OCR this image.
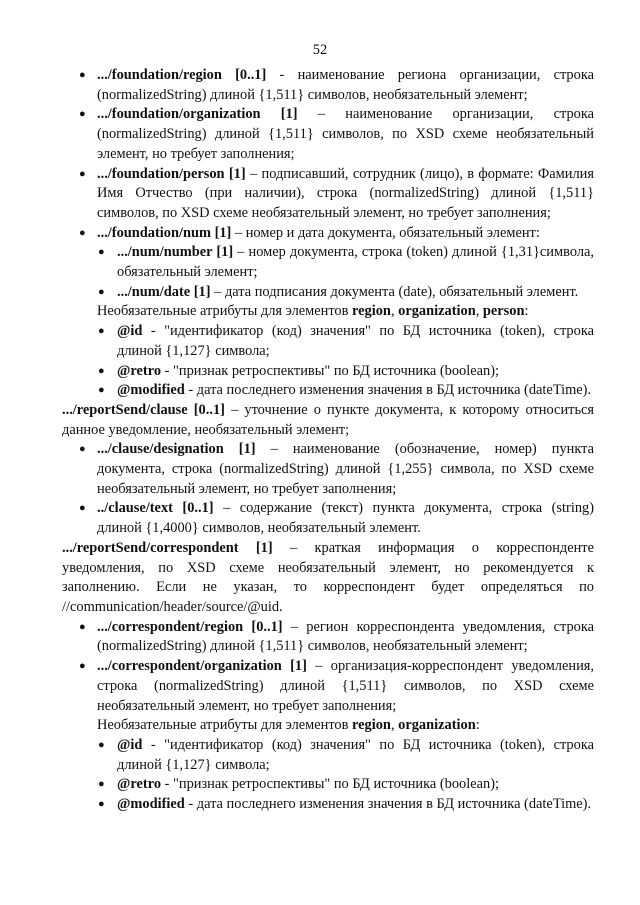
52
● .../foundation/region [0..1] - наименование региона организации, строка (normalizedString) длиной {1,511} символов, необязательный элемент;
● .../foundation/organization [1] – наименование организации, строка (normalizedString) длиной {1,511} символов, по XSD схеме необязательный элемент, но требует заполнения;
● .../foundation/person [1] – подписавший, сотрудник (лицо), в формате: Фамилия Имя Отчество (при наличии), строка (normalizedString) длиной {1,511} символов, по XSD схеме необязательный элемент, но требует заполнения;
● .../foundation/num [1] – номер и дата документа, обязательный элемент:
● .../num/number [1] – номер документа, строка (token) длиной {1,31}символа, обязательный элемент;
● .../num/date [1] – дата подписания документа (date), обязательный элемент.
Необязательные атрибуты для элементов region, organization, person:
● @id - "идентификатор (код) значения" по БД источника (token), строка длиной {1,127} символа;
● @retro - "признак ретроспективы" по БД источника (boolean);
● @modified - дата последнего изменения значения в БД источника (dateTime).
.../reportSend/clause [0..1] – уточнение о пункте документа, к которому относиться данное уведомление, необязательный элемент;
● .../clause/designation [1] – наименование (обозначение, номер) пункта документа, строка (normalizedString) длиной {1,255} символа, по XSD схеме необязательный элемент, но требует заполнения;
● ../clause/text [0..1] – содержание (текст) пункта документа, строка (string) длиной {1,4000} символов, необязательный элемент.
.../reportSend/correspondent [1] – краткая информация о корреспонденте уведомления, по XSD схеме необязательный элемент, но рекомендуется к заполнению. Если не указан, то корреспондент будет определяться по //communication/header/source/@uid.
● .../correspondent/region [0..1] – регион корреспондента уведомления, строка (normalizedString) длиной {1,511} символов, необязательный элемент;
● .../correspondent/organization [1] – организация-корреспондент уведомления, строка (normalizedString) длиной {1,511} символов, по XSD схеме необязательный элемент, но требует заполнения;
Необязательные атрибуты для элементов region, organization:
● @id - "идентификатор (код) значения" по БД источника (token), строка длиной {1,127} символа;
● @retro - "признак ретроспективы" по БД источника (boolean);
● @modified - дата последнего изменения значения в БД источника (dateTime).
